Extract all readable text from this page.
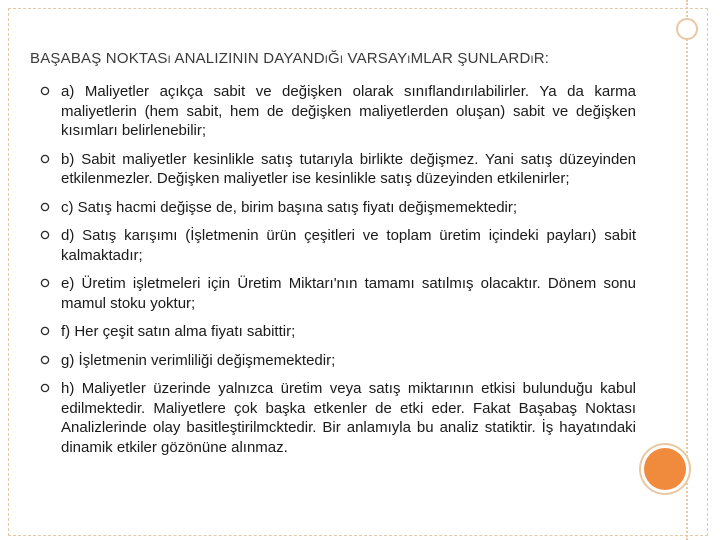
BAŞABAŞ NOKTASı ANALIZININ DAYANDıĞı VARSAYıMLAR ŞUNLARDıR:
a) Maliyetler açıkça sabit ve değişken olarak sınıflandırılabilirler. Ya da karma maliyetlerin (hem sabit, hem de değişken maliyetlerden oluşan) sabit ve değişken kısımları belirlenebilir;
b) Sabit maliyetler kesinlikle satış tutarıyla birlikte değişmez. Yani satış düzeyinden etkilenmezler. Değişken maliyetler ise kesinlikle satış düzeyinden etkilenirler;
c) Satış hacmi değişse de, birim başına satış fiyatı değişmemektedir;
d) Satış karışımı (İşletmenin ürün çeşitleri ve toplam üretim içindeki payları) sabit kalmaktadır;
e) Üretim işletmeleri için Üretim Miktarı'nın tamamı satılmış olacaktır. Dönem sonu mamul stoku yoktur;
f) Her çeşit satın alma fiyatı sabittir;
g) İşletmenin verimliliği değişmemektedir;
h) Maliyetler üzerinde yalnızca üretim veya satış miktarının etkisi bulunduğu kabul edilmektedir. Maliyetlere çok başka etkenler de etki eder. Fakat Başabaş Noktası Analizlerinde olay basitleştirilmcktedir. Bir anlamıyla bu analiz statiktir. İş hayatındaki dinamik etkiler gözönüne alınmaz.
